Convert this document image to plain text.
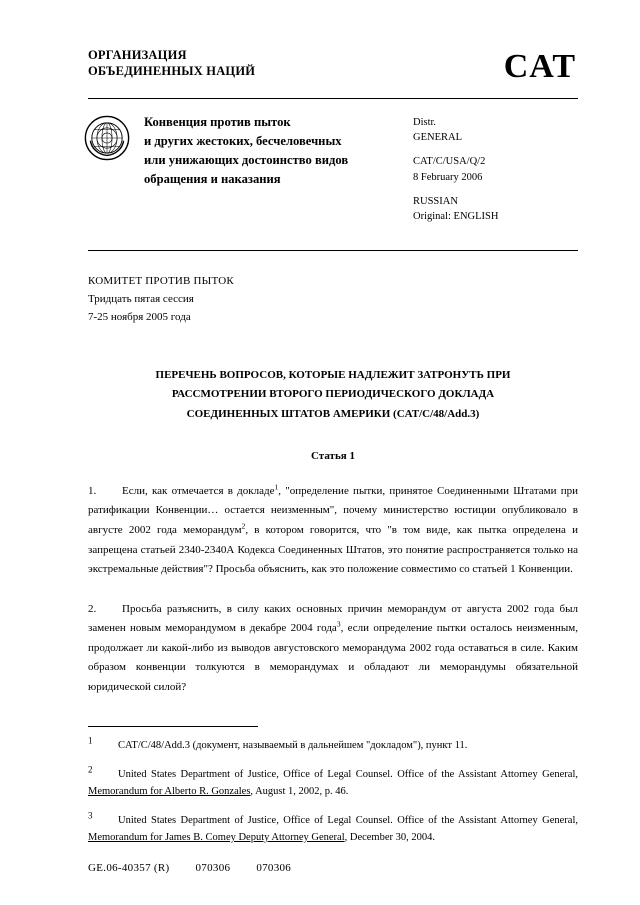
ОРГАНИЗАЦИЯ
ОБЪЕДИНЕННЫХ НАЦИЙ	CAT
Конвенция против пыток
и других жестоких, бесчеловечных
или унижающих достоинство видов
обращения и наказания
Distr.
GENERAL
CAT/C/USA/Q/2
8 February 2006
RUSSIAN
Original: ENGLISH
КОМИТЕТ ПРОТИВ ПЫТОК
Тридцать пятая сессия
7-25 ноября 2005 года
ПЕРЕЧЕНЬ ВОПРОСОВ, КОТОРЫЕ НАДЛЕЖИТ ЗАТРОНУТЬ ПРИ
РАССМОТРЕНИИ ВТОРОГО ПЕРИОДИЧЕСКОГО ДОКЛАДА
СОЕДИНЕННЫХ ШТАТОВ АМЕРИКИ (CAT/C/48/Add.3)
Статья 1
1. Если, как отмечается в докладе$^1$, "определение пытки, принятое Соединенными Штатами при ратификации Конвенции… остается неизменным", почему министерство юстиции опубликовало в августе 2002 года меморандум$^2$, в котором говорится, что "в том виде, как пытка определена и запрещена статьей 2340-2340А Кодекса Соединенных Штатов, это понятие распространяется только на экстремальные действия"? Просьба объяснить, как это положение совместимо со статьей 1 Конвенции.
2. Просьба разъяснить, в силу каких основных причин меморандум от августа 2002 года был заменен новым меморандумом в декабре 2004 года$^3$, если определение пытки осталось неизменным, продолжает ли какой-либо из выводов августовского меморандума 2002 года оставаться в силе. Каким образом конвенции толкуются в меморандумах и обладают ли меморандумы обязательной юридической силой?
$^1$ CAT/C/48/Add.3 (документ, называемый в дальнейшем "докладом"), пункт 11.
$^2$ United States Department of Justice, Office of Legal Counsel. Office of the Assistant Attorney General, Memorandum for Alberto R. Gonzales, August 1, 2002, p. 46.
$^3$ United States Department of Justice, Office of Legal Counsel. Office of the Assistant Attorney General, Memorandum for James B. Comey Deputy Attorney General, December 30, 2004.
GE.06-40357 (R) 070306 070306
